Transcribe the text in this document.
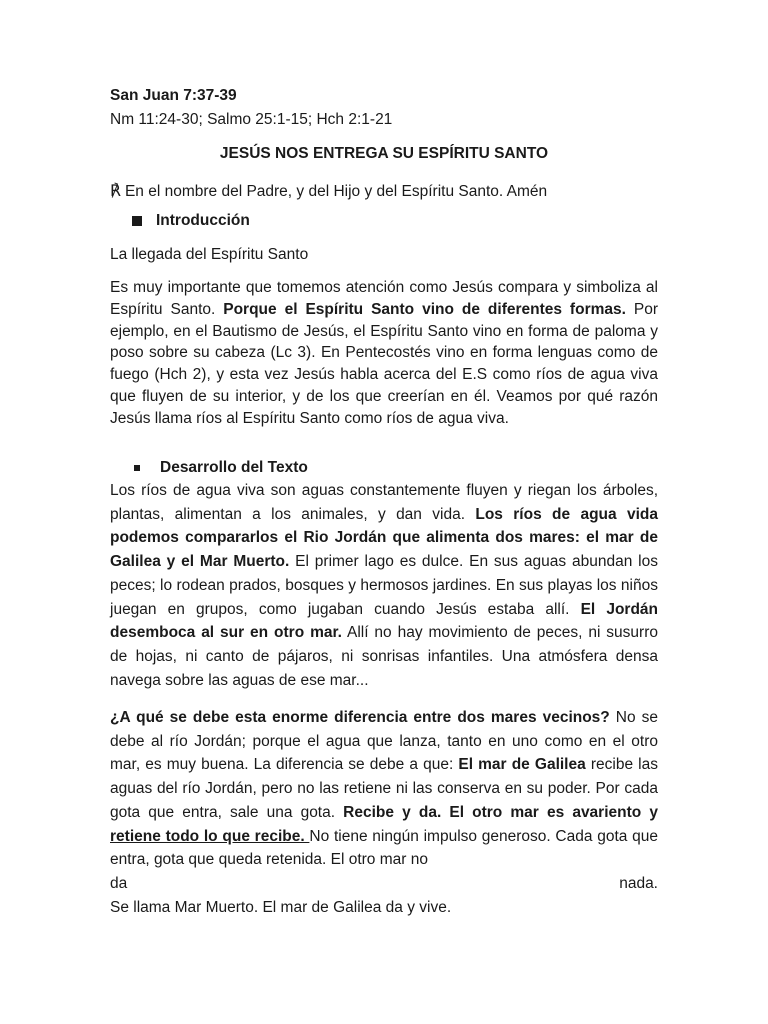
San Juan 7:37-39
Nm 11:24-30; Salmo 25:1-15; Hch 2:1-21
JESÚS NOS ENTREGA SU ESPÍRITU SANTO
℟ En el nombre del Padre, y del Hijo y del Espíritu Santo. Amén
Introducción
La llegada del Espíritu Santo
Es muy importante que tomemos atención como Jesús compara y simboliza al Espíritu Santo. Porque el Espíritu Santo vino de diferentes formas. Por ejemplo, en el Bautismo de Jesús, el Espíritu Santo vino en forma de paloma y poso sobre su cabeza (Lc 3). En Pentecostés vino en forma lenguas como de fuego (Hch 2), y esta vez Jesús habla acerca del E.S como ríos de agua viva que fluyen de su interior, y de los que creerían en él. Veamos por qué razón Jesús llama ríos al Espíritu Santo como ríos de agua viva.
Desarrollo del Texto
Los ríos de agua viva son aguas constantemente fluyen y riegan los árboles, plantas, alimentan a los animales, y dan vida. Los ríos de agua vida podemos compararlos el Rio Jordán que alimenta dos mares: el mar de Galilea y el Mar Muerto. El primer lago es dulce. En sus aguas abundan los peces; lo rodean prados, bosques y hermosos jardines. En sus playas los niños juegan en grupos, como jugaban cuando Jesús estaba allí. El Jordán desemboca al sur en otro mar. Allí no hay movimiento de peces, ni susurro de hojas, ni canto de pájaros, ni sonrisas infantiles. Una atmósfera densa navega sobre las aguas de ese mar...
¿A qué se debe esta enorme diferencia entre dos mares vecinos? No se debe al río Jordán; porque el agua que lanza, tanto en uno como en el otro mar, es muy buena. La diferencia se debe a que: El mar de Galilea recibe las aguas del río Jordán, pero no las retiene ni las conserva en su poder. Por cada gota que entra, sale una gota. Recibe y da. El otro mar es avariento y retiene todo lo que recibe. No tiene ningún impulso generoso. Cada gota que entra, gota que queda retenida. El otro mar no
da	nada.
Se llama Mar Muerto. El mar de Galilea da y vive.
